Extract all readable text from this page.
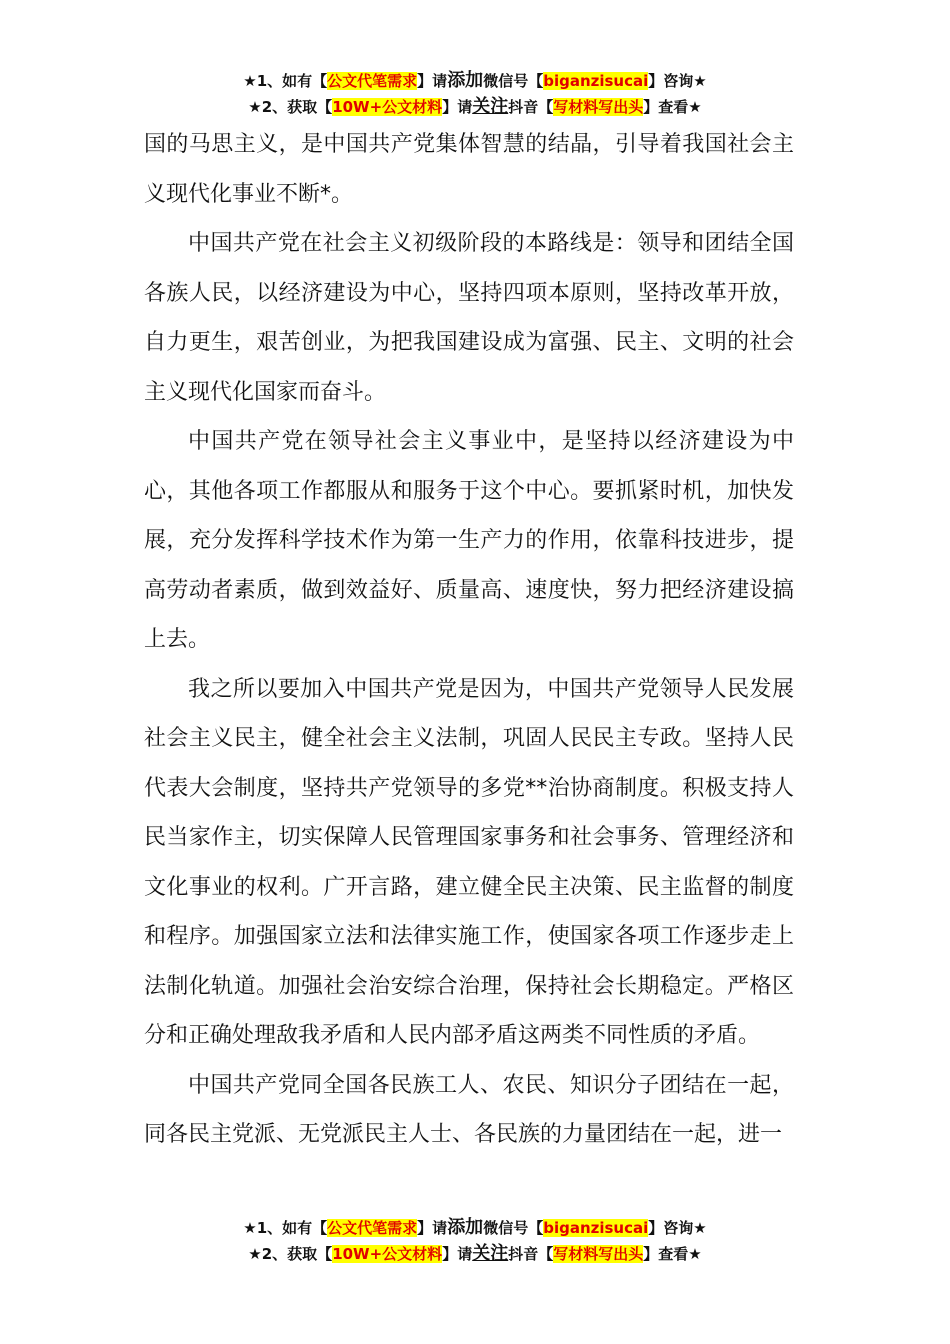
★1、如有【公文代笔需求】请添加微信号【biganzisucai】咨询★
★2、获取【10W+公文材料】请关注抖音【写材料写出头】查看★

国的马思主义，是中国共产党集体智慧的结晶，引导着我国社会主义现代化事业不断*。

中国共产党在社会主义初级阶段的本路线是：领导和团结全国各族人民，以经济建设为中心，坚持四项本原则，坚持改革开放，自力更生，艰苦创业，为把我国建设成为富强、民主、文明的社会主义现代化国家而奋斗。

中国共产党在领导社会主义事业中，是坚持以经济建设为中心，其他各项工作都服从和服务于这个中心。要抓紧时机，加快发展，充分发挥科学技术作为第一生产力的作用，依靠科技进步，提高劳动者素质，做到效益好、质量高、速度快，努力把经济建设搞上去。

我之所以要加入中国共产党是因为，中国共产党领导人民发展社会主义民主，健全社会主义法制，巩固人民民主专政。坚持人民代表大会制度，坚持共产党领导的多党**治协商制度。积极支持人民当家作主，切实保障人民管理国家事务和社会事务、管理经济和文化事业的权利。广开言路，建立健全民主决策、民主监督的制度和程序。加强国家立法和法律实施工作，使国家各项工作逐步走上法制化轨道。加强社会治安综合治理，保持社会长期稳定。严格区分和正确处理敌我矛盾和人民内部矛盾这两类不同性质的矛盾。

中国共产党同全国各民族工人、农民、知识分子团结在一起，同各民主党派、无党派民主人士、各民族的力量团结在一起，进一

★1、如有【公文代笔需求】请添加微信号【biganzisucai】咨询★
★2、获取【10W+公文材料】请关注抖音【写材料写出头】查看★
